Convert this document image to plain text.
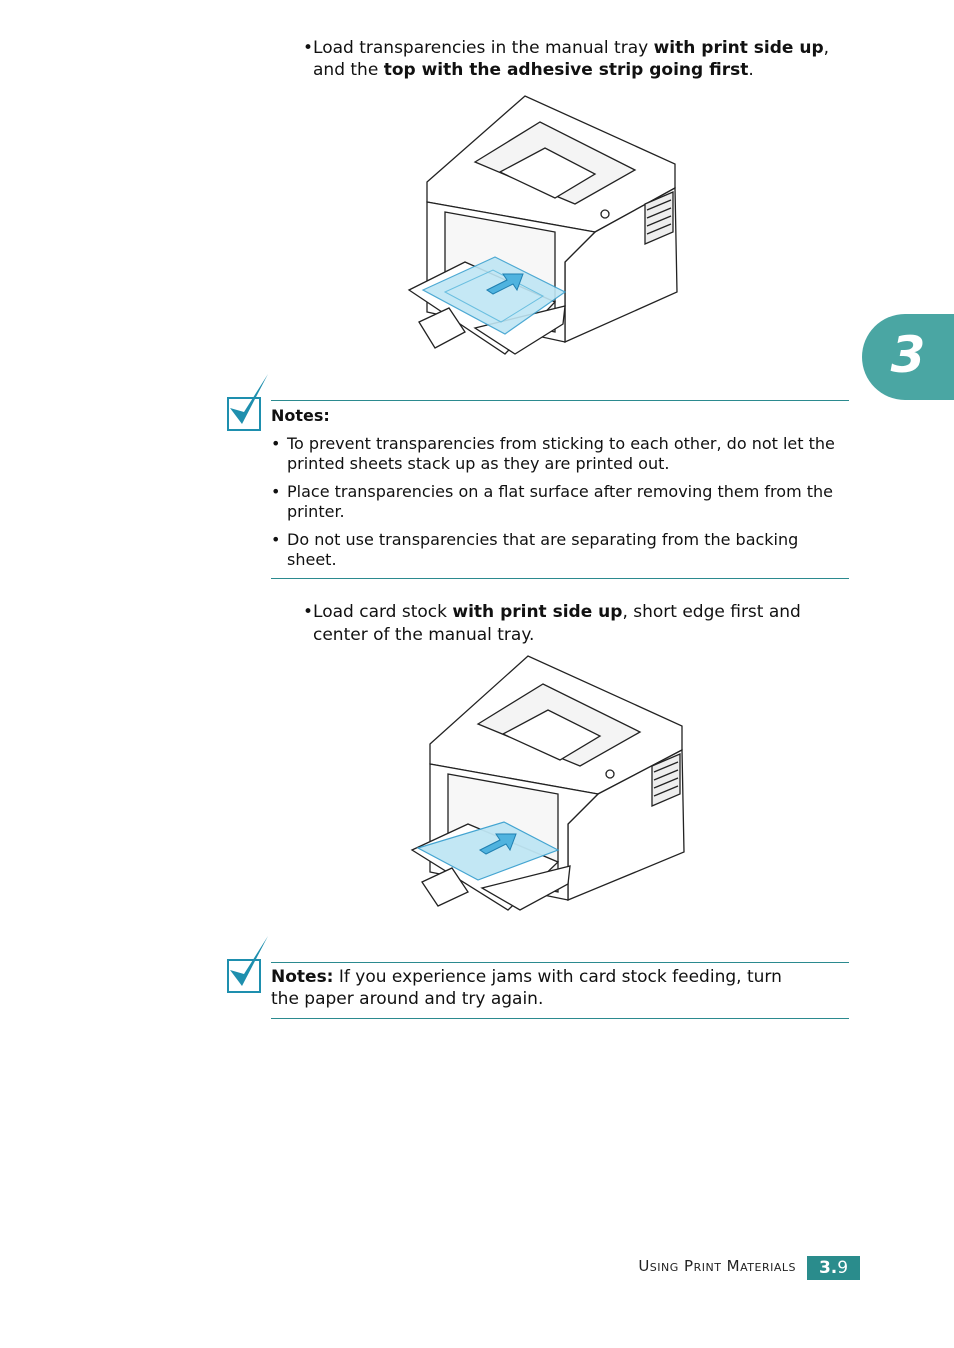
•Load transparencies in the manual tray with print side up,
and the top with the adhesive strip going first.
Notes:
• To prevent transparencies from sticking to each other, do not let the printed sheets stack up as they are printed out.
• Place transparencies on a flat surface after removing them from the printer.
• Do not use transparencies that are separating from the backing sheet.
•Load card stock with print side up, short edge first and
center of the manual tray.
Notes: If you experience jams with card stock feeding, turn
the paper around and try again.
3
Using Print Materials	3.9
